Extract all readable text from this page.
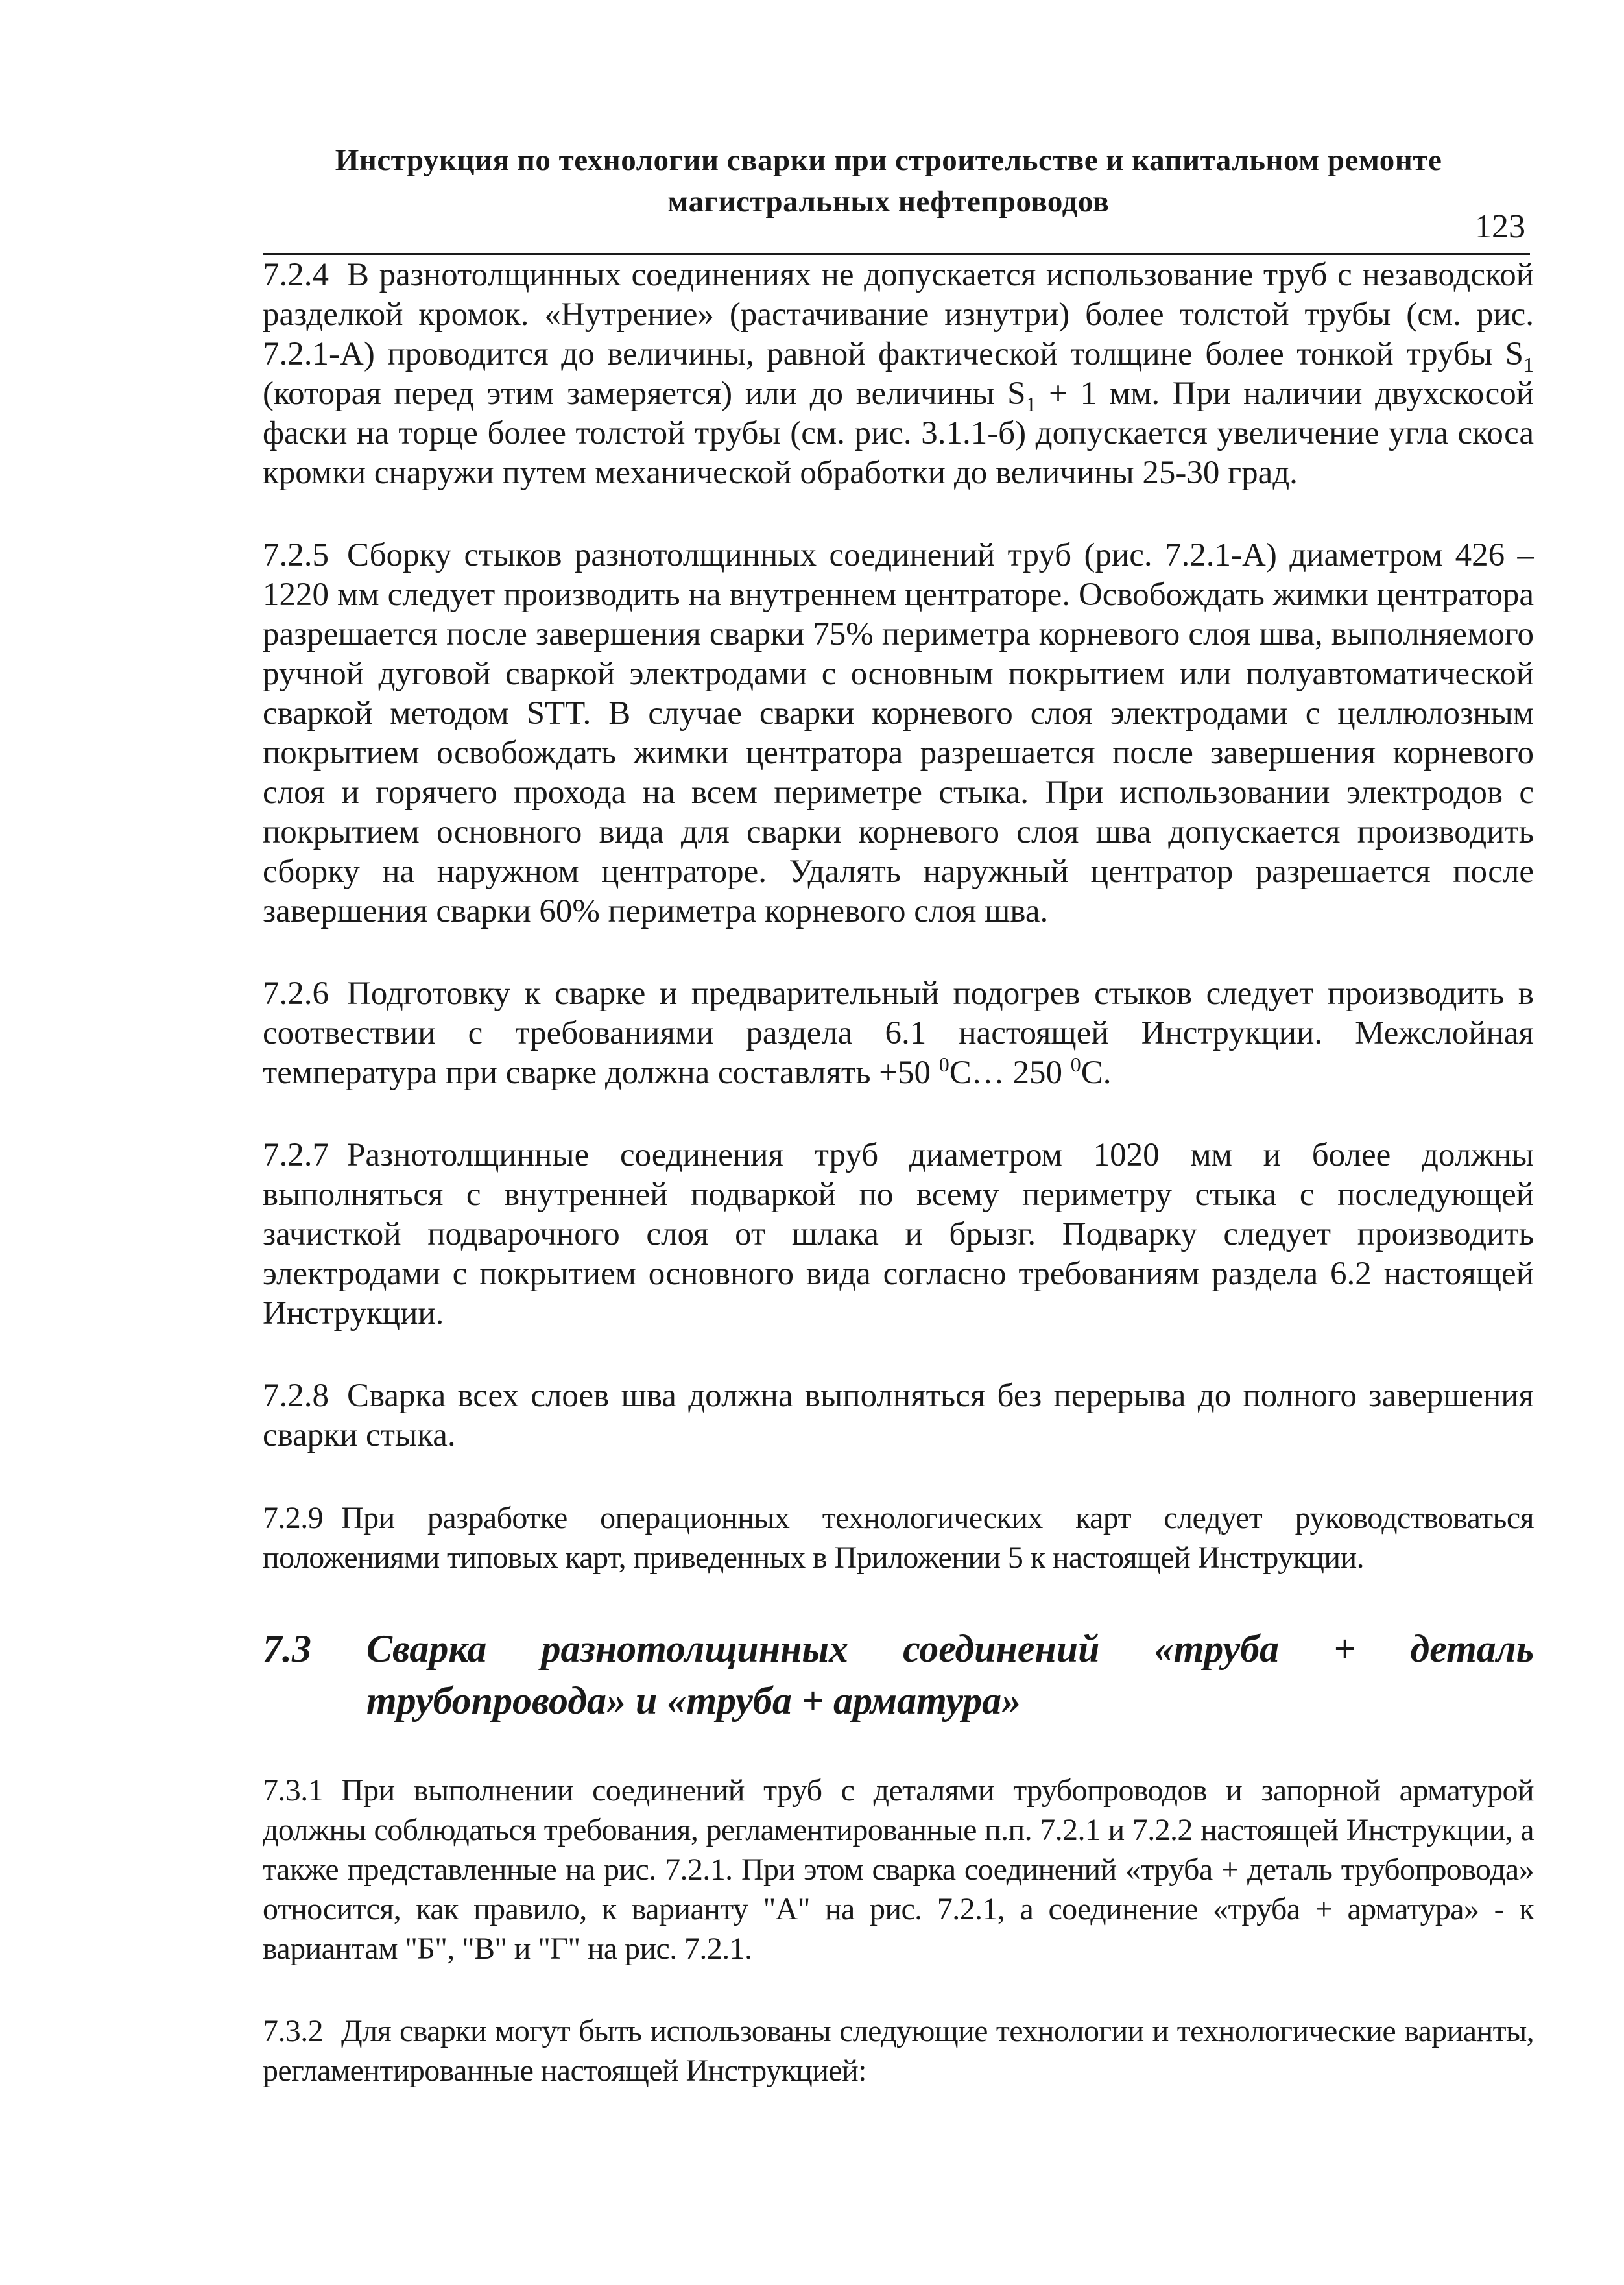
Инструкция по технологии сварки при строительстве и капитальном ремонте
магистральных нефтепроводов
123

7.2.4 В разнотолщинных соединениях не допускается использование труб с незаводской разделкой кромок. «Нутрение» (растачивание изнутри) более толстой трубы (см. рис. 7.2.1-А) проводится до величины, равной фактической толщине более тонкой трубы $S_1$ (которая перед этим замеряется) или до величины $S_1 + 1$ мм. При наличии двухскосой фаски на торце более толстой трубы (см. рис. 3.1.1-б) допускается увеличение угла скоса кромки снаружи путем механической обработки до величины 25-30 град.

7.2.5 Сборку стыков разнотолщинных соединений труб (рис. 7.2.1-А) диаметром 426 –1220 мм следует производить на внутреннем центраторе. Освобождать жимки центратора разрешается после завершения сварки 75% периметра корневого слоя шва, выполняемого ручной дуговой сваркой электродами с основным покрытием или полуавтоматической сваркой методом STT. В случае сварки корневого слоя электродами с целлюлозным покрытием освобождать жимки центратора разрешается после завершения корневого слоя и горячего прохода на всем периметре стыка. При использовании электродов с покрытием основного вида для сварки корневого слоя шва допускается производить сборку на наружном центраторе. Удалять наружный центратор разрешается после завершения сварки 60% периметра корневого слоя шва.

7.2.6 Подготовку к сварке и предварительный подогрев стыков следует производить в соотвествии с требованиями раздела 6.1 настоящей Инструкции. Межслойная температура при сварке должна составлять +50 $^0$С… 250 $^0$С.

7.2.7 Разнотолщинные соединения труб диаметром 1020 мм и более должны выполняться с внутренней подваркой по всему периметру стыка с последующей зачисткой подварочного слоя от шлака и брызг. Подварку следует производить электродами с покрытием основного вида согласно требованиям раздела 6.2 настоящей Инструкции.

7.2.8 Сварка всех слоев шва должна выполняться без перерыва до полного завершения сварки стыка.

7.2.9 При разработке операционных технологических карт следует руководствоваться положениями типовых карт, приведенных в Приложении 5 к настоящей Инструкции.

7.3	Сварка разнотолщинных соединений «труба + деталь трубопровода» и «труба + арматура»

7.3.1 При выполнении соединений труб с деталями трубопроводов и запорной арматурой должны соблюдаться требования, регламентированные п.п. 7.2.1 и 7.2.2 настоящей Инструкции, а также представленные на рис. 7.2.1. При этом сварка соединений «труба + деталь трубопровода» относится, как правило, к варианту "А" на рис. 7.2.1, а соединение «труба + арматура» - к вариантам "Б", "В" и "Г" на рис. 7.2.1.

7.3.2 Для сварки могут быть использованы следующие технологии и технологические варианты, регламентированные настоящей Инструкцией:
